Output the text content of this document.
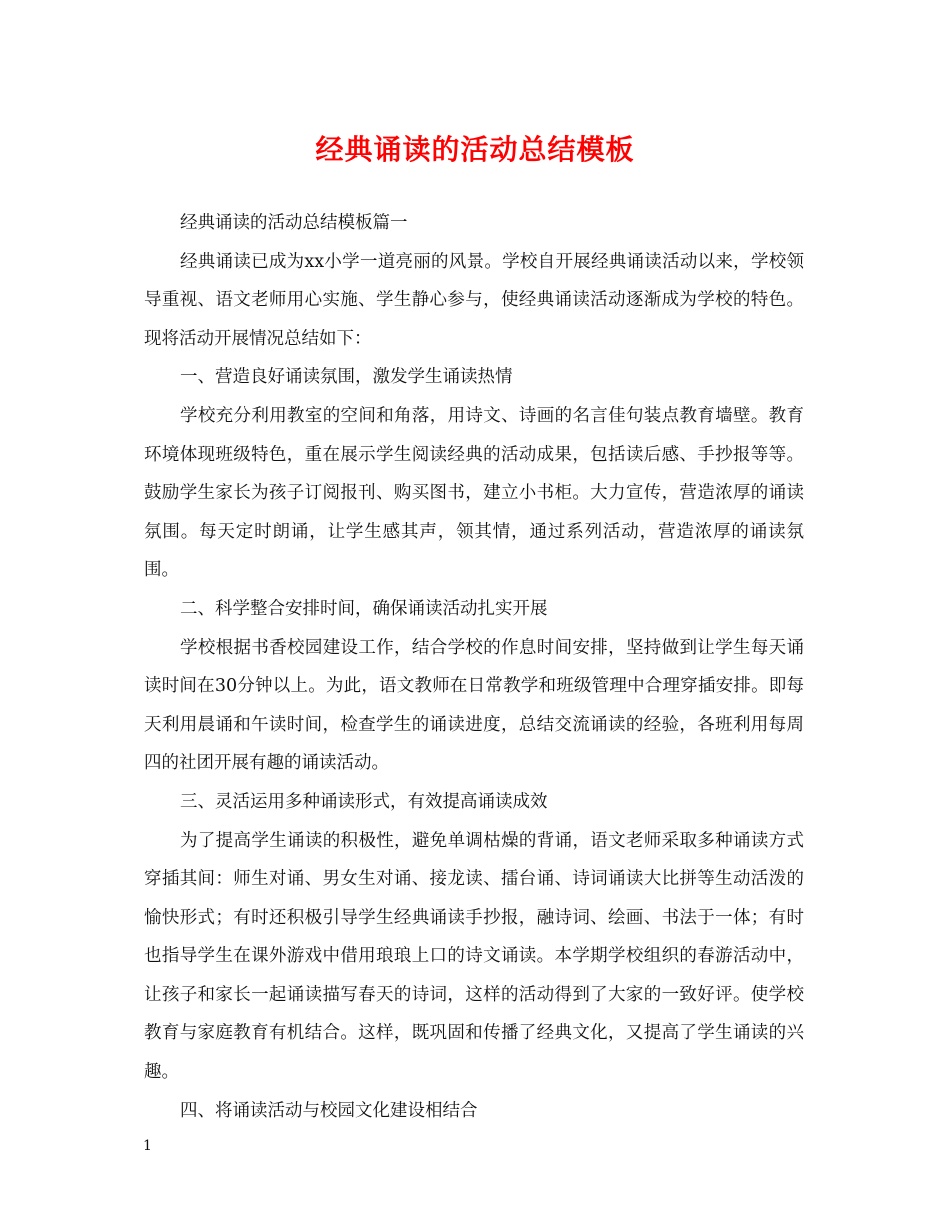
经典诵读的活动总结模板

经典诵读的活动总结模板篇一

经典诵读已成为xx小学一道亮丽的风景。学校自开展经典诵读活动以来，学校领导重视、语文老师用心实施、学生静心参与，使经典诵读活动逐渐成为学校的特色。现将活动开展情况总结如下：

一、营造良好诵读氛围，激发学生诵读热情

学校充分利用教室的空间和角落，用诗文、诗画的名言佳句装点教育墙壁。教育环境体现班级特色，重在展示学生阅读经典的活动成果，包括读后感、手抄报等等。鼓励学生家长为孩子订阅报刊、购买图书，建立小书柜。大力宣传，营造浓厚的诵读氛围。每天定时朗诵，让学生感其声，领其情，通过系列活动，营造浓厚的诵读氛围。

二、科学整合安排时间，确保诵读活动扎实开展

学校根据书香校园建设工作，结合学校的作息时间安排，坚持做到让学生每天诵读时间在30分钟以上。为此，语文教师在日常教学和班级管理中合理穿插安排。即每天利用晨诵和午读时间，检查学生的诵读进度，总结交流诵读的经验，各班利用每周四的社团开展有趣的诵读活动。

三、灵活运用多种诵读形式，有效提高诵读成效

为了提高学生诵读的积极性，避免单调枯燥的背诵，语文老师采取多种诵读方式穿插其间：师生对诵、男女生对诵、接龙读、擂台诵、诗词诵读大比拼等生动活泼的愉快形式；有时还积极引导学生经典诵读手抄报，融诗词、绘画、书法于一体；有时也指导学生在课外游戏中借用琅琅上口的诗文诵读。本学期学校组织的春游活动中，让孩子和家长一起诵读描写春天的诗词，这样的活动得到了大家的一致好评。使学校教育与家庭教育有机结合。这样，既巩固和传播了经典文化，又提高了学生诵读的兴趣。

四、将诵读活动与校园文化建设相结合

1
